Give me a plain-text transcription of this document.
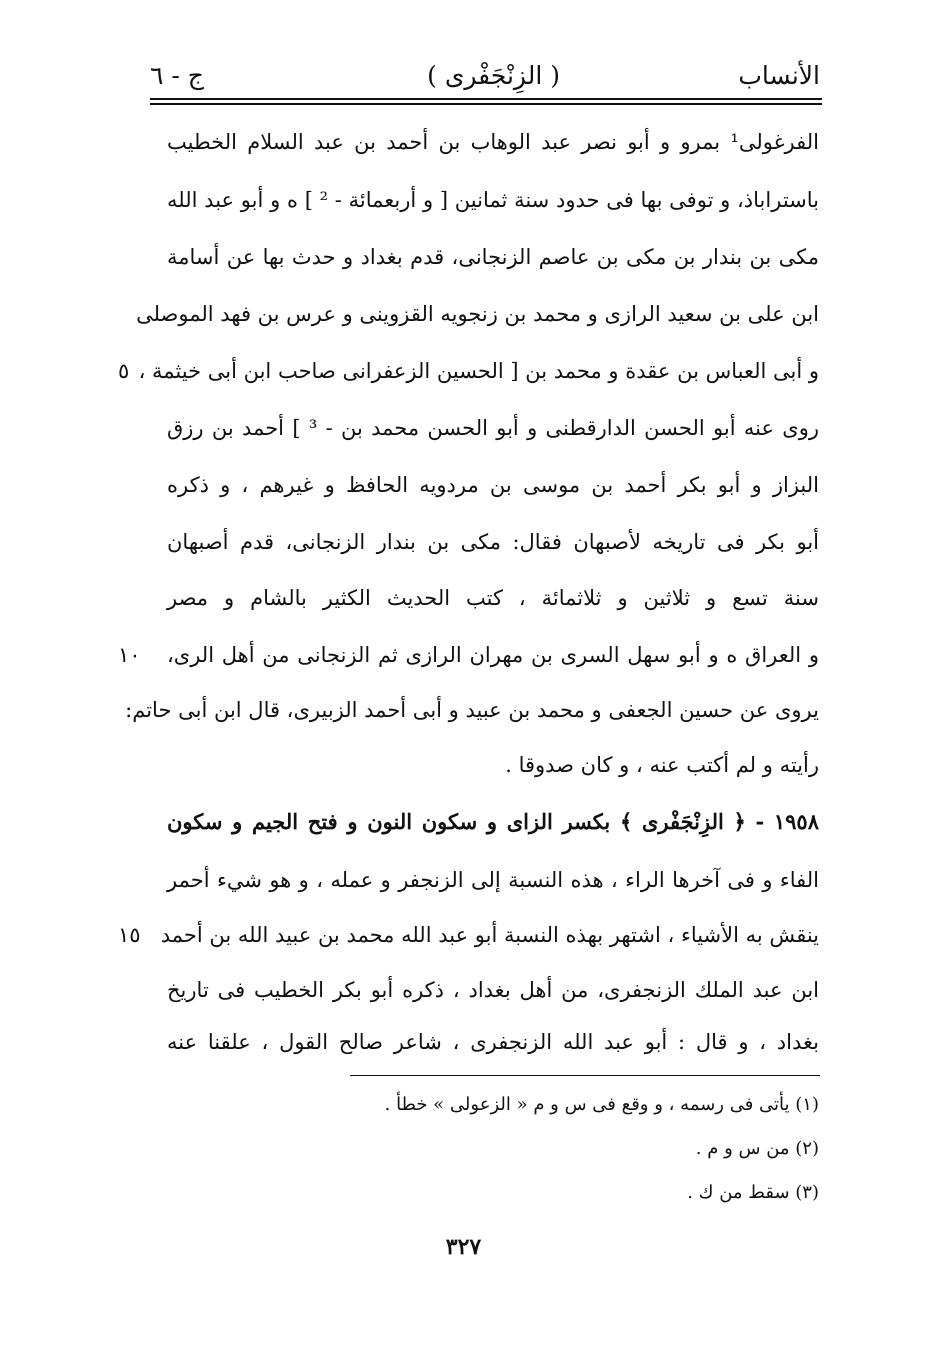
الأنساب
( الزِنْجَفْرى )
ج - ٦
الفرغولى¹ بمرو و أبو نصر عبد الوهاب بن أحمد بن عبد السلام الخطيب
باستراباذ، و توفى بها فى حدود سنة ثمانين [ و أربعمائة - ² ] ه و أبو عبد الله
مكى بن بندار بن مكى بن عاصم الزنجانى، قدم بغداد و حدث بها عن أسامة
ابن على بن سعيد الرازى و محمد بن زنجويه القزوينى و عرس بن فهد الموصلى
و أبى العباس بن عقدة و محمد بن [ الحسين الزعفرانى صاحب ابن أبى خيثمة ،
روى عنه أبو الحسن الدارقطنى و أبو الحسن محمد بن - ³ ] أحمد بن رزق
البزاز و أبو بكر أحمد بن موسى بن مردويه الحافظ و غيرهم ، و ذكره
أبو بكر فى تاريخه لأصبهان فقال: مكى بن بندار الزنجانى، قدم أصبهان
سنة تسع و ثلاثين و ثلاثمائة ، كتب الحديث الكثير بالشام و مصر
و العراق ه و أبو سهل السرى بن مهران الرازى ثم الزنجانى من أهل الرى،
يروى عن حسين الجعفى و محمد بن عبيد و أبى أحمد الزبيرى، قال ابن أبى حاتم:
رأيته و لم أكتب عنه ، و كان صدوقا .
١٩٥٨ - ﴿ الزِنْجَفْرى ﴾ بكسر الزاى و سكون النون و فتح الجيم و سكون
الفاء و فى آخرها الراء ، هذه النسبة إلى الزنجفر و عمله ، و هو شيء أحمر
ينقش به الأشياء ، اشتهر بهذه النسبة أبو عبد الله محمد بن عبيد الله بن أحمد
ابن عبد الملك الزنجفرى، من أهل بغداد ، ذكره أبو بكر الخطيب فى تاريخ
بغداد ، و قال : أبو عبد الله الزنجفرى ، شاعر صالح القول ، علقنا عنه
٥
١٠
١٥
(١) يأتى فى رسمه ، و وقع فى س و م « الزعولى » خطأ .
(٢) من س و م .
(٣) سقط من ك .
٣٢٧
